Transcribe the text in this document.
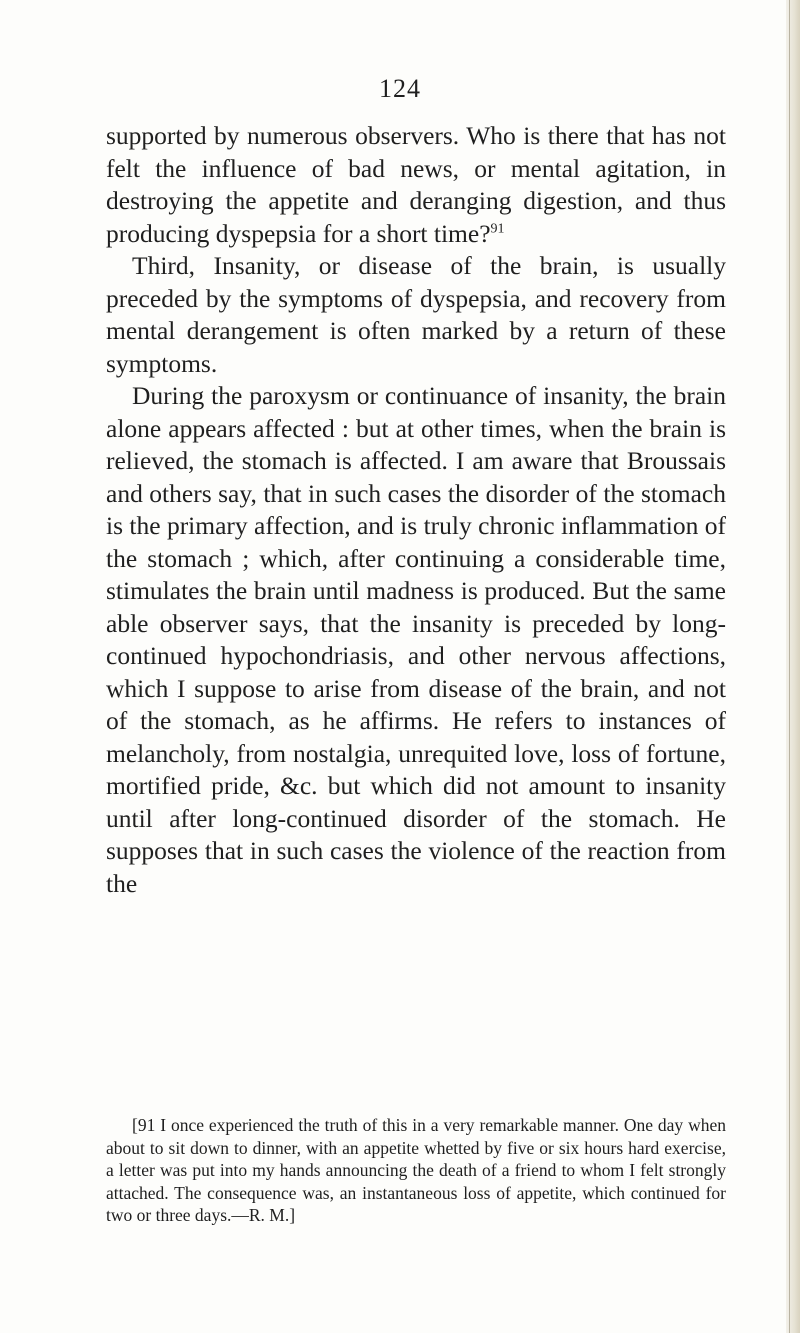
124

supported by numerous observers. Who is there that has not felt the influence of bad news, or mental agitation, in destroying the appetite and deranging digestion, and thus producing dyspepsia for a short time?$^{91}$

Third, Insanity, or disease of the brain, is usually preceded by the symptoms of dyspepsia, and recovery from mental derangement is often marked by a return of these symptoms.

During the paroxysm or continuance of insanity, the brain alone appears affected : but at other times, when the brain is relieved, the stomach is affected. I am aware that Broussais and others say, that in such cases the disorder of the stomach is the primary affection, and is truly chronic inflammation of the stomach ; which, after continuing a considerable time, stimulates the brain until madness is produced. But the same able observer says, that the insanity is preceded by long-continued hypochondriasis, and other nervous affections, which I suppose to arise from disease of the brain, and not of the stomach, as he affirms. He refers to instances of melancholy, from nostalgia, unrequited love, loss of fortune, mortified pride, &c. but which did not amount to insanity until after long-continued disorder of the stomach. He supposes that in such cases the violence of the reaction from the

[91 I once experienced the truth of this in a very remarkable manner. One day when about to sit down to dinner, with an appetite whetted by five or six hours hard exercise, a letter was put into my hands announcing the death of a friend to whom I felt strongly attached. The consequence was, an instantaneous loss of appetite, which continued for two or three days.—R. M.]
